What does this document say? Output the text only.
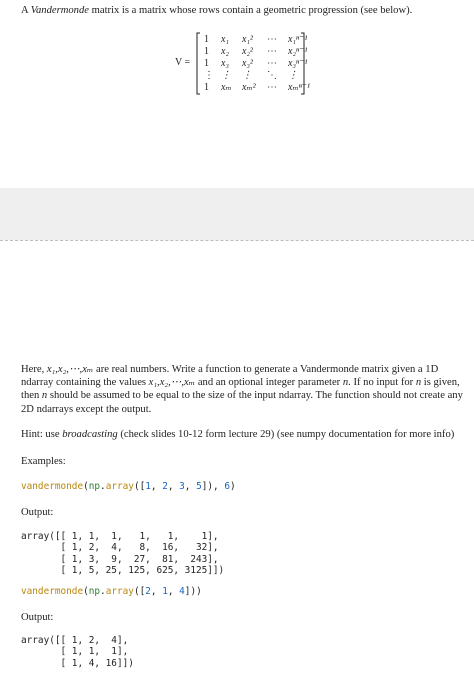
A Vandermonde matrix is a matrix whose rows contain a geometric progression (see below).

V =
1 x₁ x₁² ⋯ x₁ⁿ⁻¹
1 x₂ x₂² ⋯ x₂ⁿ⁻¹
1 x₃ x₃² ⋯ x₃ⁿ⁻¹
⋮ ⋮ ⋮ ⋱ ⋮
1 xₘ xₘ² ⋯ xₘⁿ⁻¹

Here, x₁,x₂,⋯,xₘ are real numbers. Write a function to generate a Vandermonde matrix given a 1D
ndarray containing the values x₁,x₂,⋯,xₘ and an optional integer parameter n. If no input for n is given,
then n should be assumed to be equal to the size of the input ndarray. The function should not create any
2D ndarrays except the output.

Hint: use broadcasting (check slides 10-12 form lecture 29) (see numpy documentation for more info)

Examples:

vandermonde(np.array([1, 2, 3, 5]), 6)

Output:

array([[ 1, 1,  1,   1,   1,    1],
[ 1, 2,  4,   8,  16,   32],
[ 1, 3,  9,  27,  81,  243],
[ 1, 5, 25, 125, 625, 3125]])
vandermonde(np.array([2, 1, 4]))

Output:

array([[ 1, 2,  4],
[ 1, 1,  1],
[ 1, 4, 16]])
